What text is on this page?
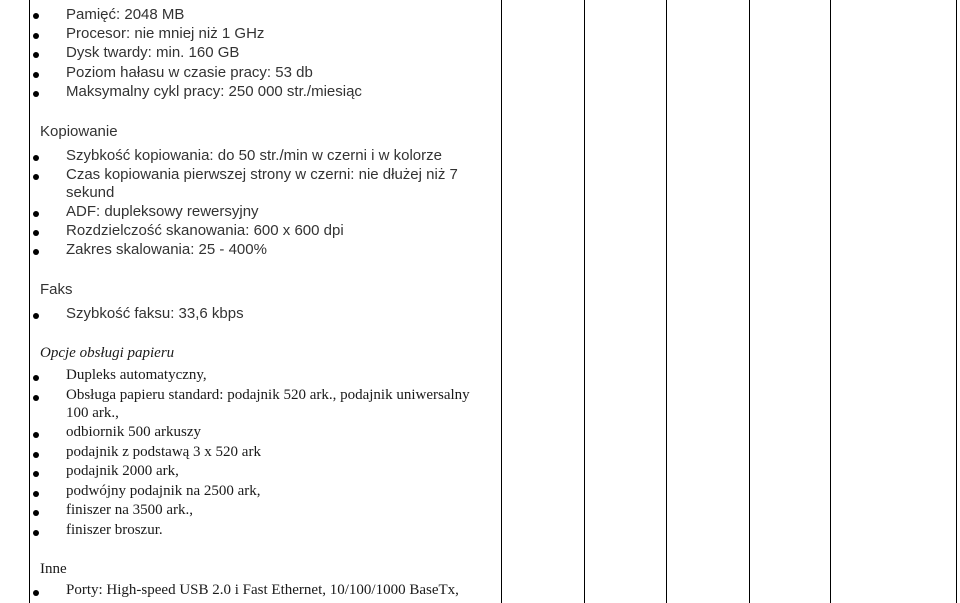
Pamięć: 2048 MB
Procesor: nie mniej niż 1 GHz
Dysk twardy: min. 160 GB
Poziom hałasu w czasie pracy: 53 db
Maksymalny cykl pracy: 250 000 str./miesiąc
Kopiowanie
Szybkość kopiowania: do 50 str./min w czerni i w kolorze
Czas kopiowania pierwszej strony w czerni: nie dłużej niż 7
sekund
ADF: dupleksowy rewersyjny
Rozdzielczość skanowania: 600 x 600 dpi
Zakres skalowania: 25 - 400%
Faks
Szybkość faksu: 33,6 kbps
Opcje obsługi papieru
Dupleks automatyczny,
Obsługa papieru standard: podajnik 520 ark., podajnik uniwersalny
100 ark.,
odbiornik 500 arkuszy
podajnik z podstawą 3 x 520 ark
podajnik 2000 ark,
podwójny podajnik na 2500 ark,
finiszer na 3500 ark.,
finiszer broszur.
Inne
Porty: High-speed USB 2.0 i Fast Ethernet, 10/100/1000 BaseTx,
